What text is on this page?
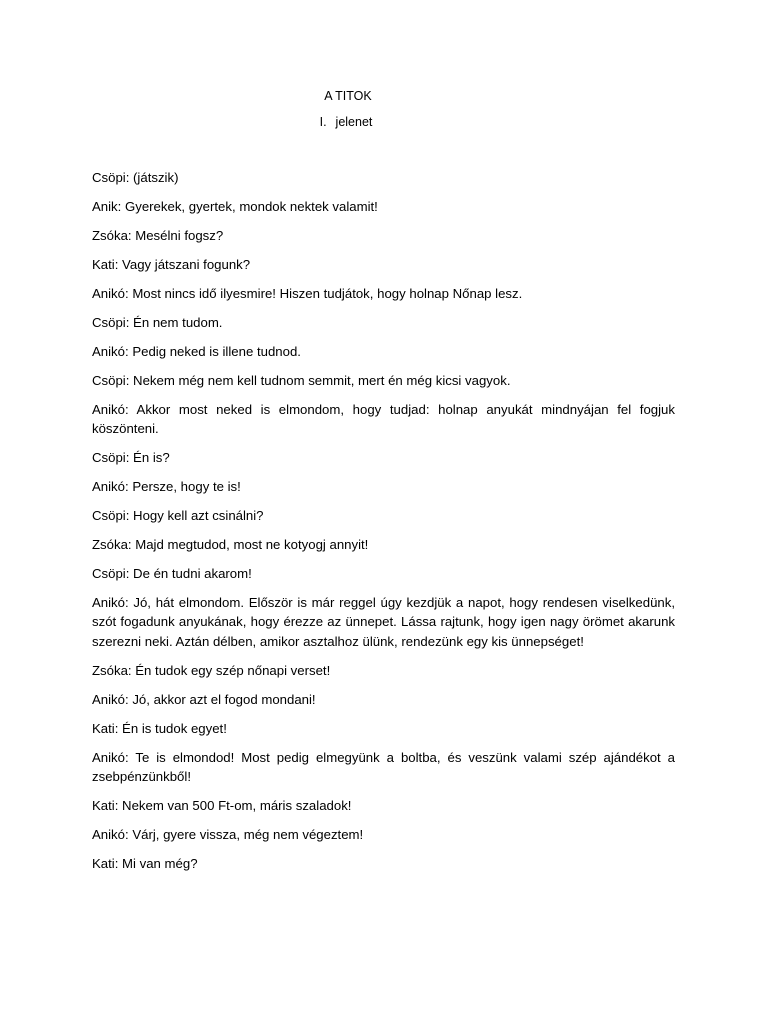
A TITOK
I. jelenet

Csöpi: (játszik)

Anik: Gyerekek, gyertek, mondok nektek valamit!

Zsóka: Mesélni fogsz?

Kati: Vagy játszani fogunk?

Anikó: Most nincs idő ilyesmire! Hiszen tudjátok, hogy holnap Nőnap lesz.

Csöpi: Én nem tudom.

Anikó: Pedig neked is illene tudnod.

Csöpi: Nekem még nem kell tudnom semmit, mert én még kicsi vagyok.

Anikó: Akkor most neked is elmondom, hogy tudjad: holnap anyukát mindnyájan fel fogjuk köszönteni.

Csöpi: Én is?

Anikó: Persze, hogy te is!

Csöpi: Hogy kell azt csinálni?

Zsóka: Majd megtudod, most ne kotyogj annyit!

Csöpi: De én tudni akarom!

Anikó: Jó, hát elmondom. Először is már reggel úgy kezdjük a napot, hogy rendesen viselkedünk, szót fogadunk anyukának, hogy érezze az ünnepet. Lássa rajtunk, hogy igen nagy örömet akarunk szerezni neki. Aztán délben, amikor asztalhoz ülünk, rendezünk egy kis ünnepséget!

Zsóka: Én tudok egy szép nőnapi verset!

Anikó: Jó, akkor azt el fogod mondani!

Kati: Én is tudok egyet!

Anikó: Te is elmondod! Most pedig elmegyünk a boltba, és veszünk valami szép ajándékot a zsebpénzünkből!

Kati: Nekem van 500 Ft-om, máris szaladok!

Anikó: Várj, gyere vissza, még nem végeztem!

Kati: Mi van még?
